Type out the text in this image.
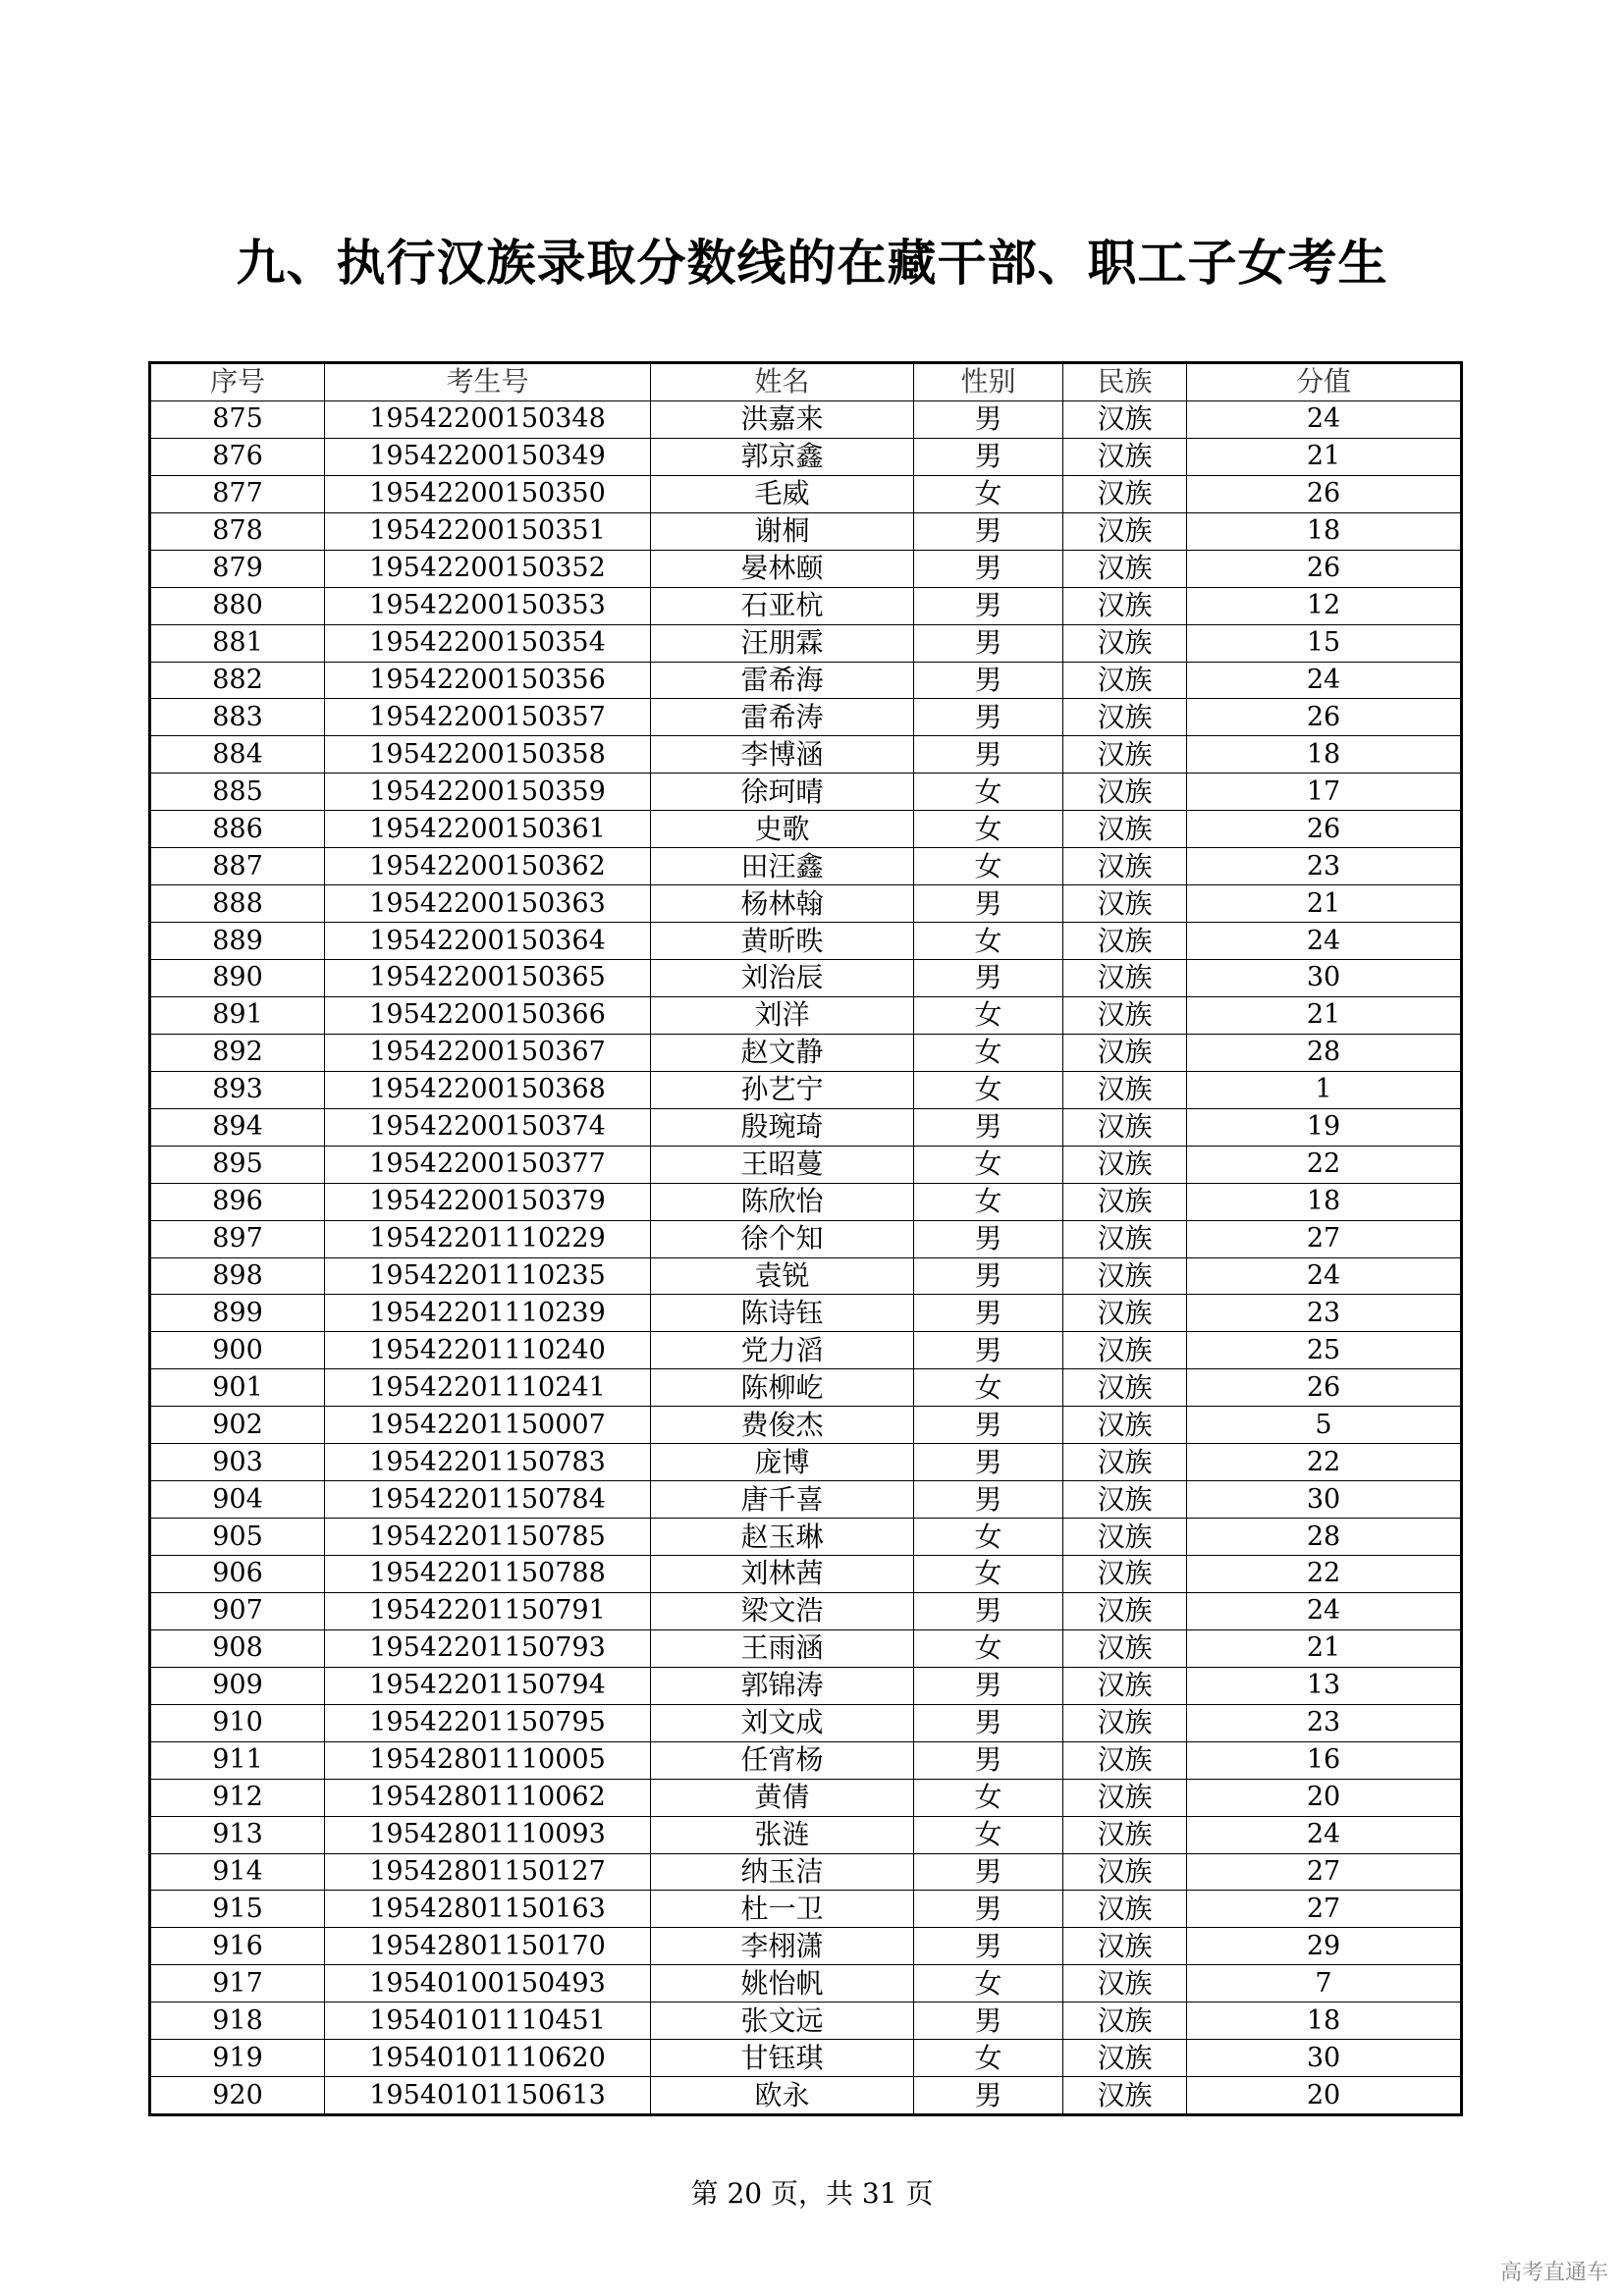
九、执行汉族录取分数线的在藏干部、职工子女考生
序号	考生号	姓名	性别	民族	分值
875	19542200150348	洪嘉来	男	汉族	24
876	19542200150349	郭京鑫	男	汉族	21
877	19542200150350	毛威	女	汉族	26
878	19542200150351	谢桐	男	汉族	18
879	19542200150352	晏林颐	男	汉族	26
880	19542200150353	石亚杭	男	汉族	12
881	19542200150354	汪朋霖	男	汉族	15
882	19542200150356	雷希海	男	汉族	24
883	19542200150357	雷希涛	男	汉族	26
884	19542200150358	李博涵	男	汉族	18
885	19542200150359	徐珂晴	女	汉族	17
886	19542200150361	史歌	女	汉族	26
887	19542200150362	田汪鑫	女	汉族	23
888	19542200150363	杨林翰	男	汉族	21
889	19542200150364	黄昕昳	女	汉族	24
890	19542200150365	刘治辰	男	汉族	30
891	19542200150366	刘洋	女	汉族	21
892	19542200150367	赵文静	女	汉族	28
893	19542200150368	孙艺宁	女	汉族	1
894	19542200150374	殷琬琦	男	汉族	19
895	19542200150377	王昭蔓	女	汉族	22
896	19542200150379	陈欣怡	女	汉族	18
897	19542201110229	徐个知	男	汉族	27
898	19542201110235	袁锐	男	汉族	24
899	19542201110239	陈诗钰	男	汉族	23
900	19542201110240	党力滔	男	汉族	25
901	19542201110241	陈柳屹	女	汉族	26
902	19542201150007	费俊杰	男	汉族	5
903	19542201150783	庞博	男	汉族	22
904	19542201150784	唐千喜	男	汉族	30
905	19542201150785	赵玉琳	女	汉族	28
906	19542201150788	刘林茜	女	汉族	22
907	19542201150791	梁文浩	男	汉族	24
908	19542201150793	王雨涵	女	汉族	21
909	19542201150794	郭锦涛	男	汉族	13
910	19542201150795	刘文成	男	汉族	23
911	19542801110005	任宵杨	男	汉族	16
912	19542801110062	黄倩	女	汉族	20
913	19542801110093	张涟	女	汉族	24
914	19542801150127	纳玉洁	男	汉族	27
915	19542801150163	杜一卫	男	汉族	27
916	19542801150170	李栩潇	男	汉族	29
917	19540100150493	姚怡帆	女	汉族	7
918	19540101110451	张文远	男	汉族	18
919	19540101110620	甘钰琪	女	汉族	30
920	19540101150613	欧永	男	汉族	20
第 20 页，共 31 页
高考直通车
